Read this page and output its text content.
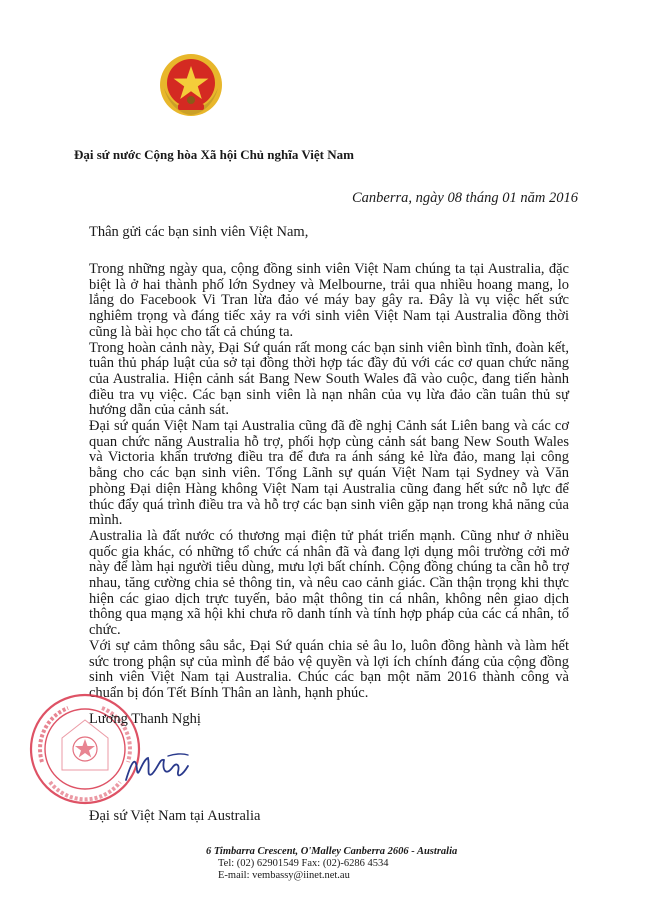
Đại sứ nước Cộng hòa Xã hội Chủ nghĩa Việt Nam
Canberra, ngày 08 tháng 01 năm 2016
Thân gửi các bạn sinh viên Việt Nam,

Trong những ngày qua, cộng đồng sinh viên Việt Nam chúng ta tại Australia, đặc biệt là ở hai thành phố lớn Sydney và Melbourne, trải qua nhiều hoang mang, lo lắng do Facebook Vi Tran lừa đảo vé máy bay gây ra. Đây là vụ việc hết sức nghiêm trọng và đáng tiếc xảy ra với sinh viên Việt Nam tại Australia đồng thời cũng là bài học cho tất cả chúng ta.

Trong hoàn cảnh này, Đại Sứ quán rất mong các bạn sinh viên bình tĩnh, đoàn kết, tuân thủ pháp luật của sở tại đồng thời hợp tác đầy đủ với các cơ quan chức năng của Australia. Hiện cảnh sát Bang New South Wales đã vào cuộc, đang tiến hành điều tra vụ việc. Các bạn sinh viên là nạn nhân của vụ lừa đảo cần tuân thủ sự hướng dẫn của cảnh sát.

Đại sứ quán Việt Nam tại Australia cũng đã đề nghị Cảnh sát Liên bang và các cơ quan chức năng Australia hỗ trợ, phối hợp cùng cảnh sát bang New South Wales và Victoria khẩn trương điều tra để đưa ra ánh sáng kẻ lừa đảo, mang lại công bằng cho các bạn sinh viên. Tổng Lãnh sự quán Việt Nam tại Sydney và Văn phòng Đại diện Hàng không Việt Nam tại Australia cũng đang hết sức nỗ lực để thúc đẩy quá trình điều tra và hỗ trợ các bạn sinh viên gặp nạn trong khả năng của mình.

Australia là đất nước có thương mại điện tử phát triển mạnh. Cũng như ở nhiều quốc gia khác, có những tổ chức cá nhân đã và đang lợi dụng môi trường cởi mở này để làm hại người tiêu dùng, mưu lợi bất chính. Cộng đồng chúng ta cần hỗ trợ nhau, tăng cường chia sẻ thông tin, và nêu cao cảnh giác. Cần thận trọng khi thực hiện các giao dịch trực tuyến, bảo mật thông tin cá nhân, không nên giao dịch thông qua mạng xã hội khi chưa rõ danh tính và tính hợp pháp của các cá nhân, tổ chức.

Với sự cảm thông sâu sắc, Đại Sứ quán chia sẻ âu lo, luôn đồng hành và làm hết sức trong phận sự của mình để bảo vệ quyền và lợi ích chính đáng của cộng đồng sinh viên Việt Nam tại Australia. Chúc các bạn một năm 2016 thành công và chuẩn bị đón Tết Bính Thân an lành, hạnh phúc.

Lương Thanh Nghị
Đại sứ Việt Nam tại Australia
6 Timbarra Crescent, O'Malley Canberra 2606 - Australia
Tel: (02) 62901549 Fax: (02)-6286 4534
E-mail: vembassy@iinet.net.au
